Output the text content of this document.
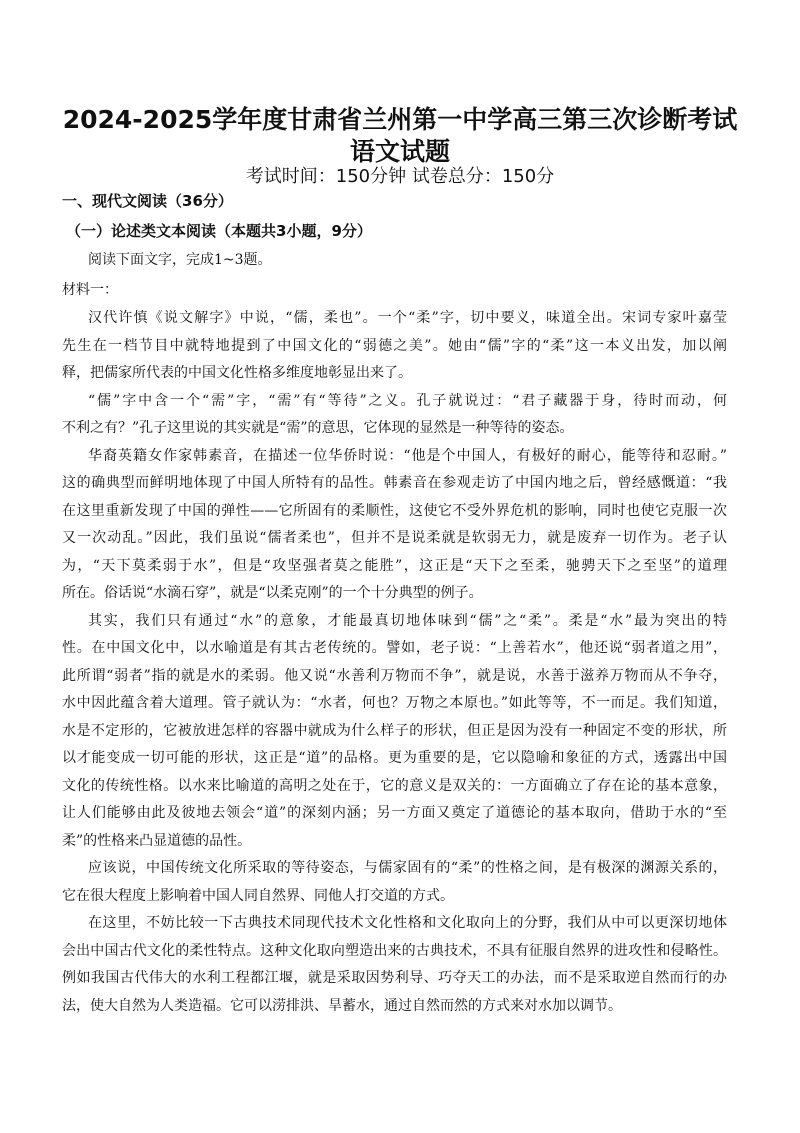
2024-2025学年度甘肃省兰州第一中学高三第三次诊断考试
语文试题
考试时间：150分钟 试卷总分：150分
一、现代文阅读（36分）
（一）论述类文本阅读（本题共3小题，9分）
阅读下面文字，完成1~3题。
材料一：
汉代许慎《说文解字》中说，“儒，柔也”。一个“柔”字，切中要义，味道全出。宋词专家叶嘉莹
先生在一档节目中就特地提到了中国文化的“弱德之美”。她由“儒”字的“柔”这一本义出发，加以阐
释，把儒家所代表的中国文化性格多维度地彰显出来了。
“儒”字中含一个“需”字，“需”有“等待”之义。孔子就说过：“君子藏器于身，待时而动，何
不利之有？”孔子这里说的其实就是“需”的意思，它体现的显然是一种等待的姿态。
华裔英籍女作家韩素音，在描述一位华侨时说：“他是个中国人，有极好的耐心，能等待和忍耐。”
这的确典型而鲜明地体现了中国人所特有的品性。韩素音在参观走访了中国内地之后，曾经感慨道：“我
在这里重新发现了中国的弹性——它所固有的柔顺性，这使它不受外界危机的影响，同时也使它克服一次
又一次动乱。”因此，我们虽说“儒者柔也”，但并不是说柔就是软弱无力，就是废弃一切作为。老子认
为，“天下莫柔弱于水”，但是“攻坚强者莫之能胜”，这正是“天下之至柔，驰骋天下之至坚”的道理
所在。俗话说“水滴石穿”，就是“以柔克刚”的一个十分典型的例子。
其实，我们只有通过“水”的意象，才能最真切地体味到“儒”之“柔”。柔是“水”最为突出的特
性。在中国文化中，以水喻道是有其古老传统的。譬如，老子说：“上善若水”，他还说“弱者道之用”，
此所谓“弱者”指的就是水的柔弱。他又说“水善利万物而不争”，就是说，水善于滋养万物而从不争夺，
水中因此蕴含着大道理。管子就认为：“水者，何也？万物之本原也。”如此等等，不一而足。我们知道，
水是不定形的，它被放进怎样的容器中就成为什么样子的形状，但正是因为没有一种固定不变的形状，所
以才能变成一切可能的形状，这正是“道”的品格。更为重要的是，它以隐喻和象征的方式，透露出中国
文化的传统性格。以水来比喻道的高明之处在于，它的意义是双关的：一方面确立了存在论的基本意象，
让人们能够由此及彼地去领会“道”的深刻内涵；另一方面又奠定了道德论的基本取向，借助于水的“至
柔”的性格来凸显道德的品性。
应该说，中国传统文化所采取的等待姿态，与儒家固有的“柔”的性格之间，是有极深的渊源关系的，
它在很大程度上影响着中国人同自然界、同他人打交道的方式。
在这里，不妨比较一下古典技术同现代技术文化性格和文化取向上的分野，我们从中可以更深切地体
会出中国古代文化的柔性特点。这种文化取向塑造出来的古典技术，不具有征服自然界的进攻性和侵略性。
例如我国古代伟大的水利工程都江堰，就是采取因势利导、巧夺天工的办法，而不是采取逆自然而行的办
法，使大自然为人类造福。它可以涝排洪、旱蓄水，通过自然而然的方式来对水加以调节。
